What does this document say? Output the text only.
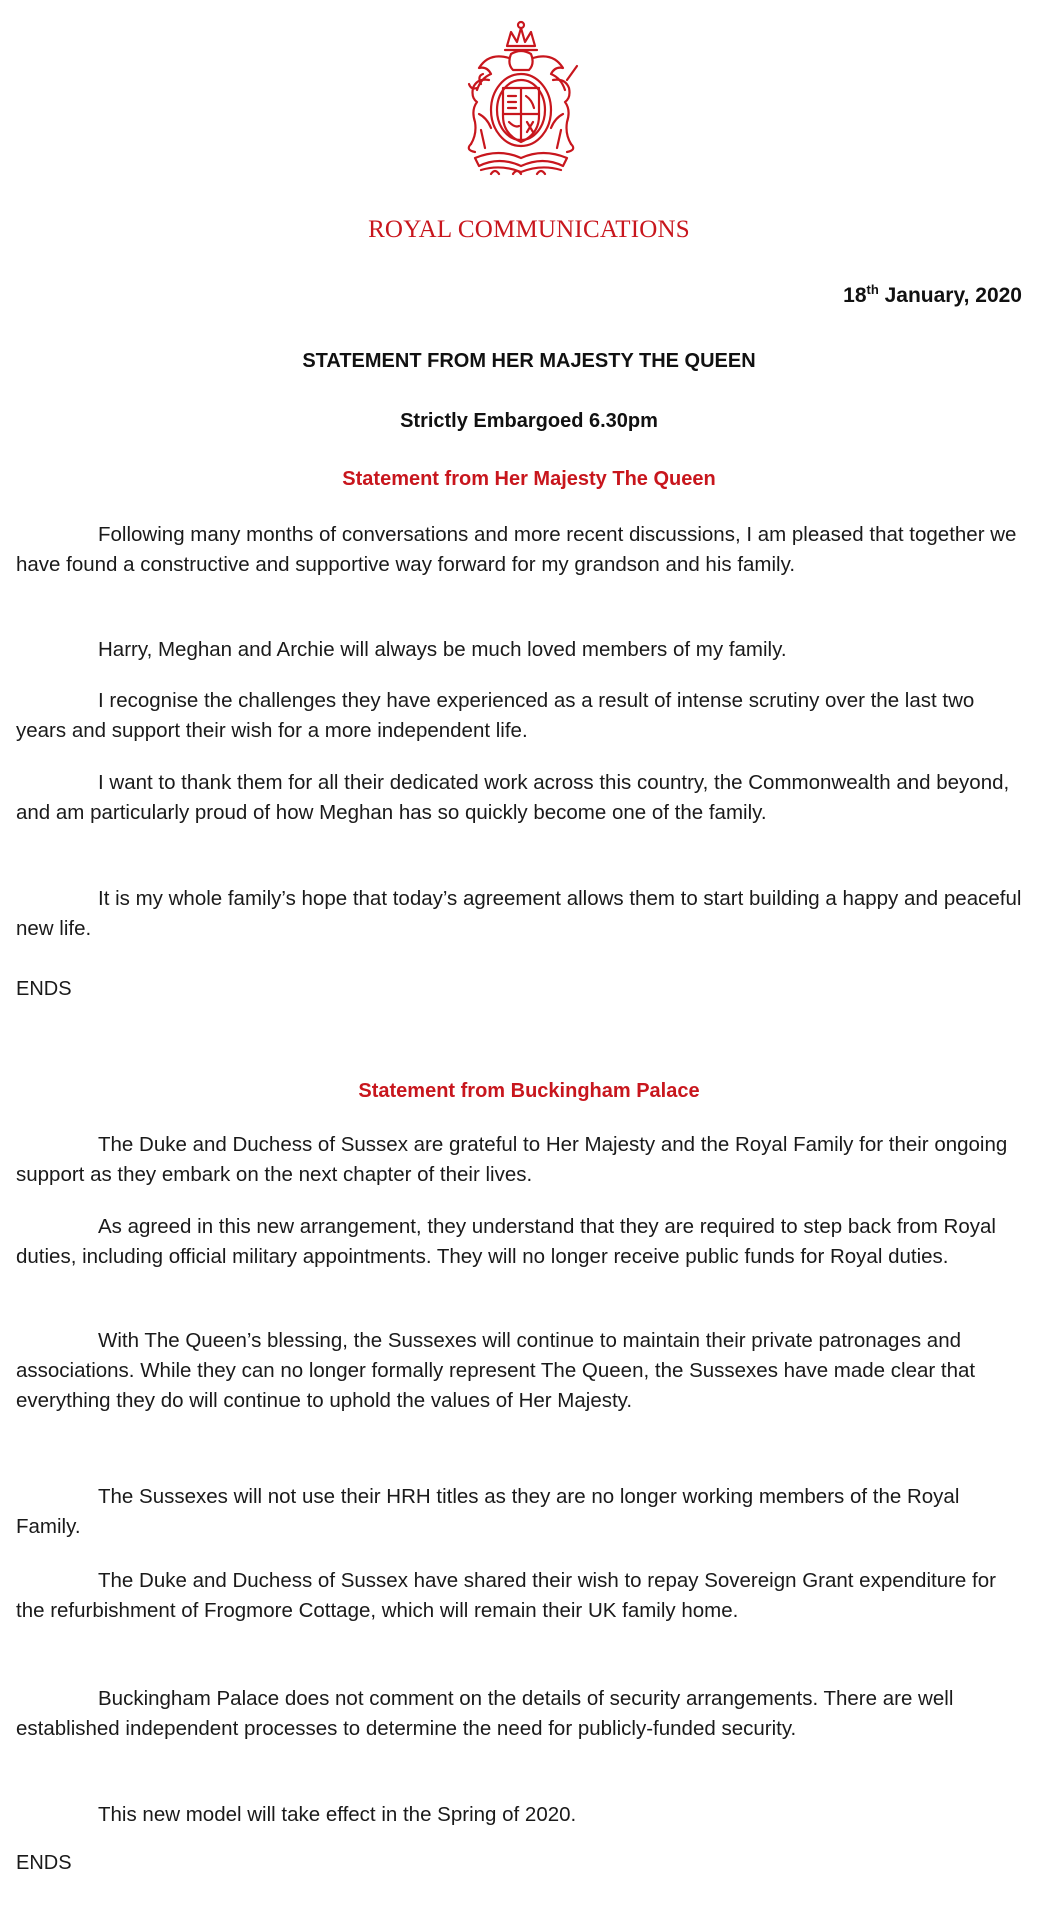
ROYAL COMMUNICATIONS
18th January, 2020
STATEMENT FROM HER MAJESTY THE QUEEN
Strictly Embargoed 6.30pm
Statement from Her Majesty The Queen

Following many months of conversations and more recent discussions, I am pleased that together we have found a constructive and supportive way forward for my grandson and his family.

Harry, Meghan and Archie will always be much loved members of my family.

I recognise the challenges they have experienced as a result of intense scrutiny over the last two years and support their wish for a more independent life.

I want to thank them for all their dedicated work across this country, the Commonwealth and beyond, and am particularly proud of how Meghan has so quickly become one of the family.

It is my whole family’s hope that today’s agreement allows them to start building a happy and peaceful new life.

ENDS
Statement from Buckingham Palace

The Duke and Duchess of Sussex are grateful to Her Majesty and the Royal Family for their ongoing support as they embark on the next chapter of their lives.

As agreed in this new arrangement, they understand that they are required to step back from Royal duties, including official military appointments. They will no longer receive public funds for Royal duties.

With The Queen’s blessing, the Sussexes will continue to maintain their private patronages and associations. While they can no longer formally represent The Queen, the Sussexes have made clear that everything they do will continue to uphold the values of Her Majesty.

The Sussexes will not use their HRH titles as they are no longer working members of the Royal Family.

The Duke and Duchess of Sussex have shared their wish to repay Sovereign Grant expenditure for the refurbishment of Frogmore Cottage, which will remain their UK family home.

Buckingham Palace does not comment on the details of security arrangements. There are well established independent processes to determine the need for publicly-funded security.

This new model will take effect in the Spring of 2020.

ENDS
